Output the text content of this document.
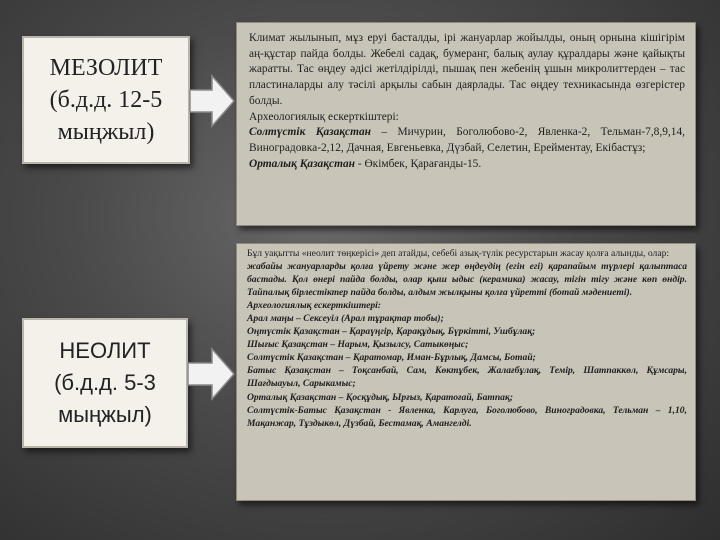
МЕЗОЛИТ
(б.д.д. 12-5
мыңжыл)

Климат жылынып, мұз еруі басталды, ірі жануарлар жойылды, оның орнына кішігірім аң-құстар пайда болды. Жебелі садақ, бумеранг, балық аулау құралдары және қайықты жаратты. Тас өңдеу әдісі жетілдірілді, пышақ пен жебенің ұшын микролиттерден – тас пластиналарды алу тәсілі арқылы сабын даярлады. Тас өңдеу техникасында өзгерістер болды.
Археологиялық ескерткіштері:
Солтүстік Қазақстан – Мичурин, Боголюбово-2, Явленка-2, Тельман-7,8,9,14, Виноградовка-2,12, Дачная, Евгеньевка, Дүзбай, Селетин, Ерейментау, Екібастұз;
Орталық Қазақстан - Өкімбек, Қарағанды-15.

НЕОЛИТ
(б.д.д. 5-3
мыңжыл)

Бұл уақытты «неолит төңкерісі» деп атайды, себебі азық-түлік ресурстарын жасау қолға алынды, олар:
жабайы жануарларды қолға үйрету және жер өңдеудің (егін егі) қарапайым түрлері қалыптаса бастады. Қол өнері пайда болды, олар қыш ыдыс (керамика) жасау, тігін тігу және көп өндір. Тайпалық бірлестіктер пайда болды, алдым жылқыны қолға үйретті (ботай мәдениеті).
Археологиялық ескерткіштері:
Арал маңы – Сексеуіл (Арал тұрақтар тобы);
Оңтүстік Қазақстан – Қараүңгір, Қарақұдық, Бүркітті, Ушбұлақ;
Шығыс Қазақстан – Нарым, Қызылсу, Сатыкөңыс;
Солтүстік Қазақстан – Қаратомар, Иман-Бұрлық, Дамсы, Ботай;
Батыс Қазақстан – Тоқсанбай, Сам, Көктұбек, Жалағбұлақ, Темір, Шатпаккөл, Құмсары, Шағдыауыл, Сарыкамыс;
Орталық Қазақстан – Қосқұдық, Ырғыз, Қаратоғай, Батпақ;
Солтүстік-Батыс Қазақстан - Явленка, Карлуга, Боголюбово, Виноградовка, Тельман – 1,10, Мақанжар, Тұздыкөл, Дүзбай, Бестамақ, Амангелді.
